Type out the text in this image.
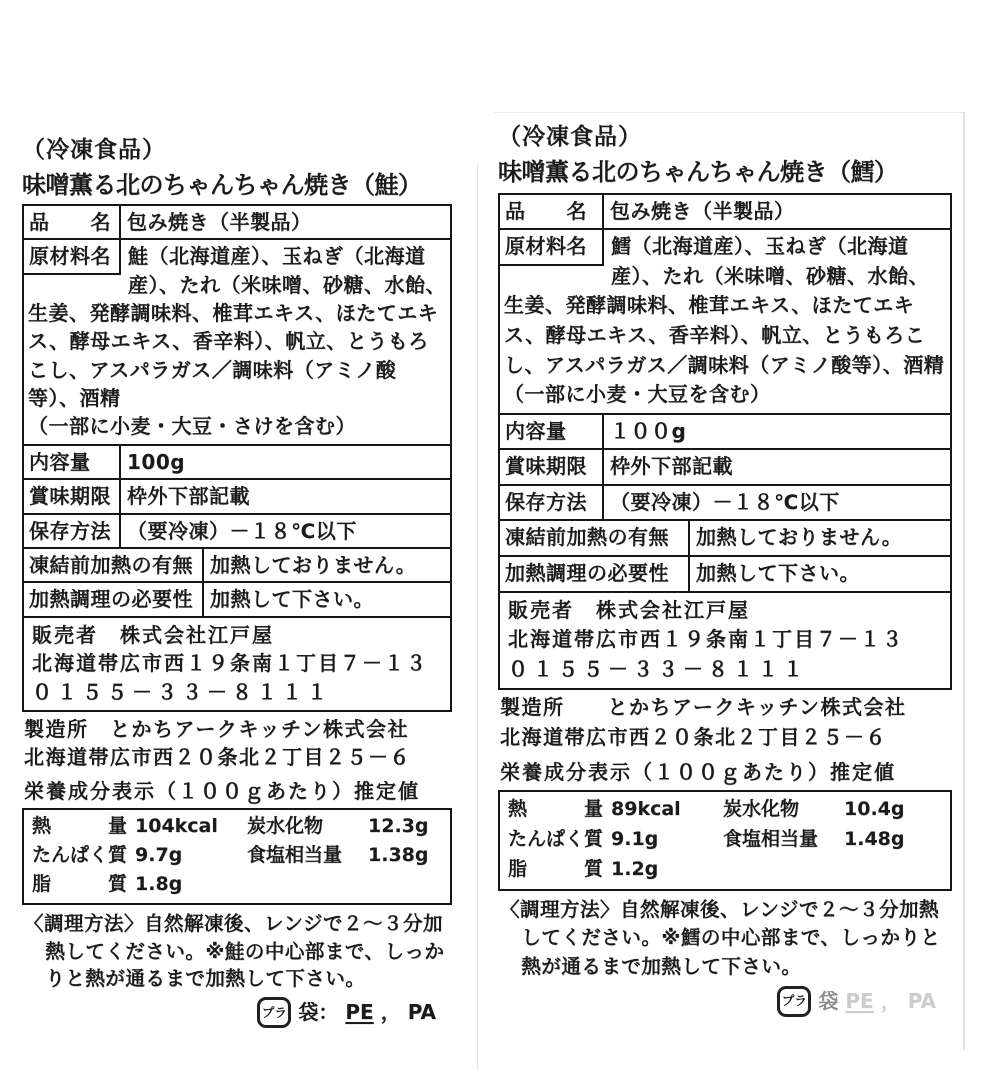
（冷凍食品）
味噌薫る北のちゃんちゃん焼き（鮭）
品　　名 包み焼き（半製品）
原材料名 鮭（北海道産）、玉ねぎ（北海道産）、たれ（米味噌、砂糖、水飴、生姜、発酵調味料、椎茸エキス、ほたてエキス、酵母エキス、香辛料）、帆立、とうもろこし、アスパラガス／調味料（アミノ酸等）、酒精
（一部に小麦・大豆・さけを含む）
内容量	100g
賞味期限 枠外下部記載
保存方法 （要冷凍）－１８℃以下
凍結前加熱の有無 加熱しておりません。
加熱調理の必要性 加熱して下さい。
販売者　株式会社江戸屋
北海道帯広市西１９条南１丁目７－１３
０１５５－３３－８１１１
製造所　とかちアークキッチン株式会社
北海道帯広市西２０条北２丁目２５－６
栄養成分表示（１００ｇあたり）推定値
熱　　　量 104kcal	炭水化物	12.3g
たんぱく質 9.7g	食塩相当量	1.38g
脂　　　質 1.8g
〈調理方法〉自然解凍後、レンジで２～３分加熱してください。※鮭の中心部まで、しっかりと熱が通るまで加熱して下さい。
プラ 袋： PE ， PA
（冷凍食品）
味噌薫る北のちゃんちゃん焼き（鱈）
品　　名	包み焼き（半製品）
原材料名	鱈（北海道産）、玉ねぎ（北海道産）、たれ（米味噌、砂糖、水飴、生姜、発酵調味料、椎茸エキス、ほたてエキス、酵母エキス、香辛料）、帆立、とうもろこし、アスパラガス／調味料（アミノ酸等）、酒精
（一部に小麦・大豆を含む）
内容量	１００g
賞味期限	枠外下部記載
保存方法	（要冷凍）－１８℃以下
凍結前加熱の有無	加熱しておりません。
加熱調理の必要性	加熱して下さい。
販売者　株式会社江戸屋
北海道帯広市西１９条南１丁目７－１３
０１５５－３３－８１１１
製造所　　とかちアークキッチン株式会社
北海道帯広市西２０条北２丁目２５－６
栄養成分表示（１００ｇあたり）推定値
熱　　　量 89kcal	炭水化物	10.4g
たんぱく質 9.1g	食塩相当量	1.48g
脂　　　質 1.2g
〈調理方法〉自然解凍後、レンジで２～３分加熱してください。※鱈の中心部まで、しっかりと熱が通るまで加熱して下さい。
プラ 袋 PE ， PA
